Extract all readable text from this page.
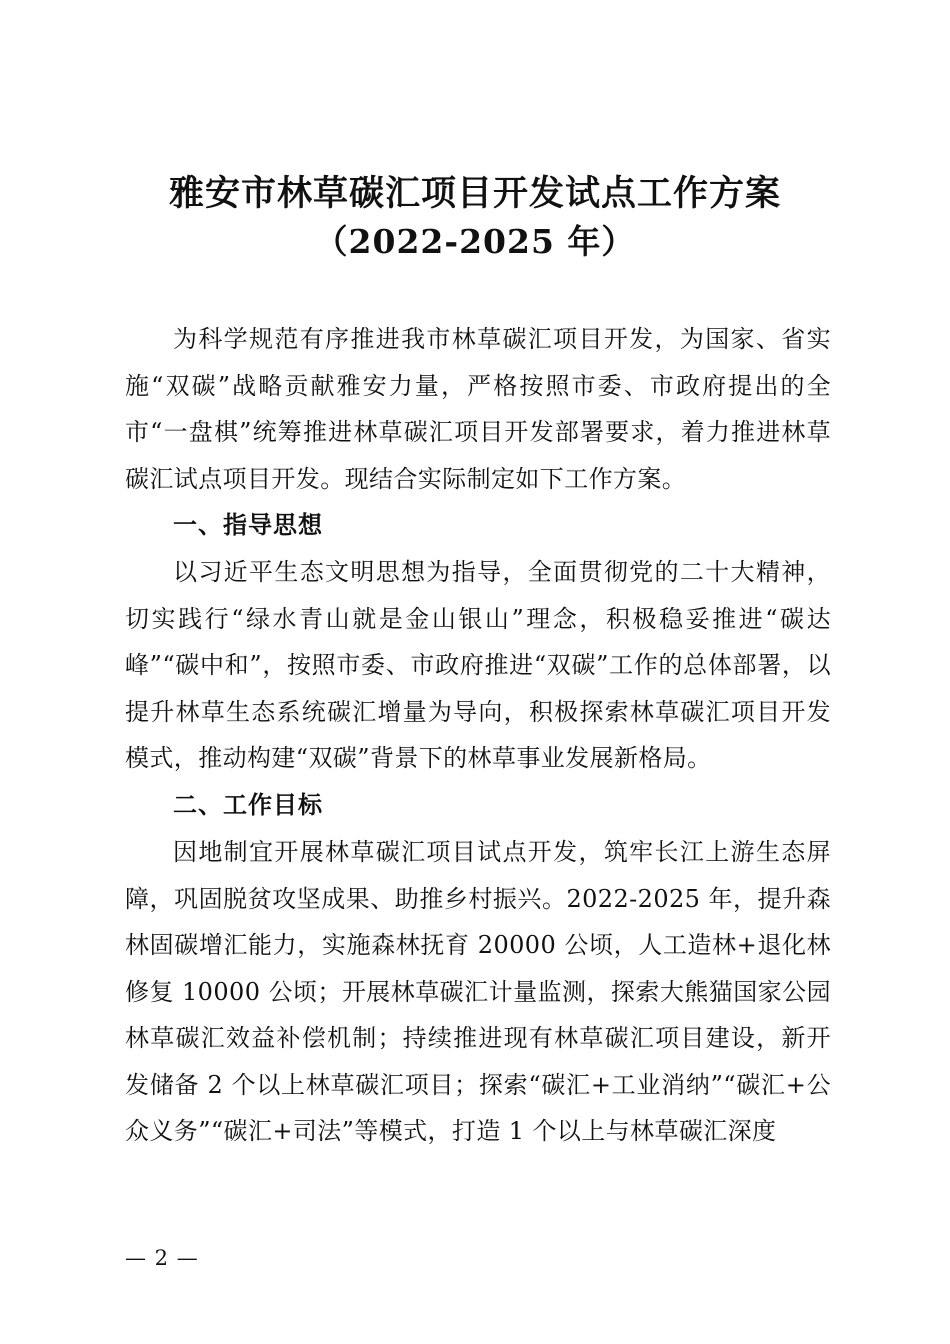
雅安市林草碳汇项目开发试点工作方案
（2022-2025 年）

为科学规范有序推进我市林草碳汇项目开发，为国家、省实施“双碳”战略贡献雅安力量，严格按照市委、市政府提出的全市“一盘棋”统筹推进林草碳汇项目开发部署要求，着力推进林草碳汇试点项目开发。现结合实际制定如下工作方案。

一、指导思想

以习近平生态文明思想为指导，全面贯彻党的二十大精神，切实践行“绿水青山就是金山银山”理念，积极稳妥推进“碳达峰”“碳中和”，按照市委、市政府推进“双碳”工作的总体部署，以提升林草生态系统碳汇增量为导向，积极探索林草碳汇项目开发模式，推动构建“双碳”背景下的林草事业发展新格局。

二、工作目标

因地制宜开展林草碳汇项目试点开发，筑牢长江上游生态屏障，巩固脱贫攻坚成果、助推乡村振兴。2022-2025 年，提升森林固碳增汇能力，实施森林抚育 20000 公顷，人工造林+退化林修复 10000 公顷；开展林草碳汇计量监测，探索大熊猫国家公园林草碳汇效益补偿机制；持续推进现有林草碳汇项目建设，新开发储备 2 个以上林草碳汇项目；探索“碳汇+工业消纳”“碳汇+公众义务”“碳汇+司法”等模式，打造 1 个以上与林草碳汇深度

— 2 —
